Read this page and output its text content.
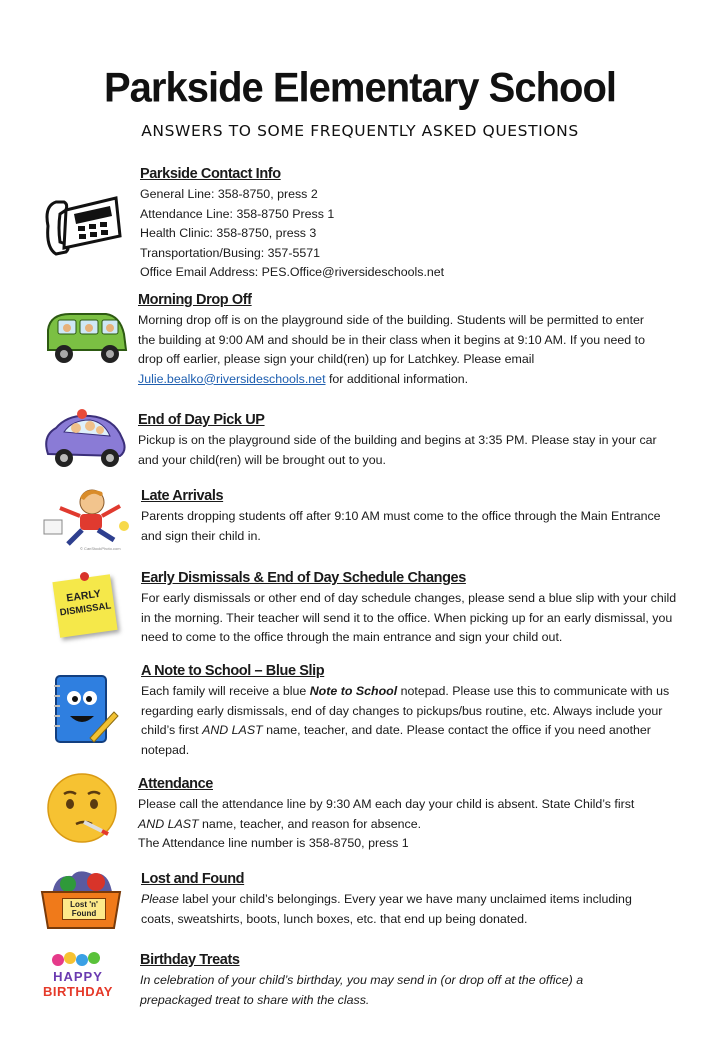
Parkside Elementary School
ANSWERS TO SOME FREQUENTLY ASKED QUESTIONS
Parkside Contact Info
General Line: 358-8750, press 2
Attendance Line: 358-8750 Press 1
Health Clinic: 358-8750, press 3
Transportation/Busing: 357-5571
Office Email Address: PES.Office@riversideschools.net
Morning Drop Off
Morning drop off is on the playground side of the building. Students will be permitted to enter the building at 9:00 AM and should be in their class when it begins at 9:10 AM. If you need to drop off earlier, please sign your child(ren) up for Latchkey. Please email Julie.bealko@riversideschools.net for additional information.
End of Day Pick UP
Pickup is on the playground side of the building and begins at 3:35 PM. Please stay in your car and your child(ren) will be brought out to you.
© CanStockPhoto.com
Late Arrivals
Parents dropping students off after 9:10 AM must come to the office through the Main Entrance and sign their child in.
EARLY
DISMISSAL
Early Dismissals & End of Day Schedule Changes
For early dismissals or other end of day schedule changes, please send a blue slip with your child in the morning. Their teacher will send it to the office. When picking up for an early dismissal, you need to come to the office through the main entrance and sign your child out.
A Note to School – Blue Slip
Each family will receive a blue Note to School notepad. Please use this to communicate with us regarding early dismissals, end of day changes to pickups/bus routine, etc. Always include your child’s first AND LAST name, teacher, and date. Please contact the office if you need another notepad.
Attendance
Please call the attendance line by 9:30 AM each day your child is absent. State Child’s first
AND LAST name, teacher, and reason for absence.
The Attendance line number is 358-8750, press 1
Lost 'n'
Found
Lost and Found
Please label your child’s belongings. Every year we have many unclaimed items including coats, sweatshirts, boots, lunch boxes, etc. that end up being donated.
HAPPY
BIRTHDAY
Birthday Treats
In celebration of your child’s birthday, you may send in (or drop off at the office) a prepackaged treat to share with the class.
